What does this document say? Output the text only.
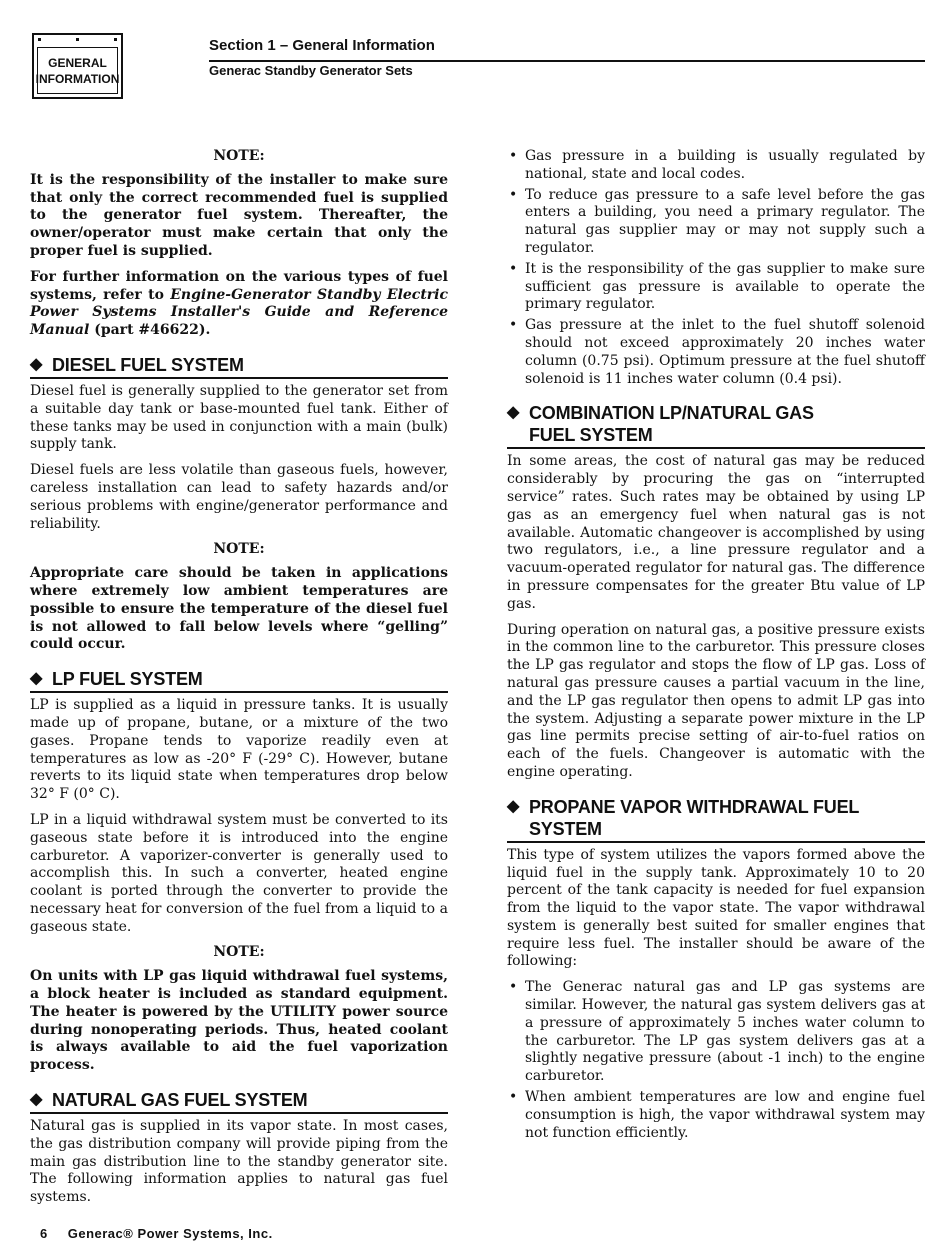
GENERAL
INFORMATION
Section 1 – General Information
Generac Standby Generator Sets
NOTE:

It is the responsibility of the installer to make sure that only the correct recommended fuel is supplied to the generator fuel system. Thereafter, the owner/operator must make certain that only the proper fuel is supplied.

For further information on the various types of fuel systems, refer to Engine-Generator Standby Electric Power Systems Installer's Guide and Reference Manual (part #46622).

◆ DIESEL FUEL SYSTEM

Diesel fuel is generally supplied to the generator set from a suitable day tank or base-mounted fuel tank. Either of these tanks may be used in conjunction with a main (bulk) supply tank.

Diesel fuels are less volatile than gaseous fuels, however, careless installation can lead to safety hazards and/or serious problems with engine/generator performance and reliability.

NOTE:

Appropriate care should be taken in applications where extremely low ambient temperatures are possible to ensure the temperature of the diesel fuel is not allowed to fall below levels where “gelling” could occur.

◆ LP FUEL SYSTEM

LP is supplied as a liquid in pressure tanks. It is usually made up of propane, butane, or a mixture of the two gases. Propane tends to vaporize readily even at temperatures as low as -20° F (-29° C). However, butane reverts to its liquid state when temperatures drop below 32° F (0° C).

LP in a liquid withdrawal system must be converted to its gaseous state before it is introduced into the engine carburetor. A vaporizer-converter is generally used to accomplish this. In such a converter, heated engine coolant is ported through the converter to provide the necessary heat for conversion of the fuel from a liquid to a gaseous state.

NOTE:

On units with LP gas liquid withdrawal fuel systems, a block heater is included as standard equipment. The heater is powered by the UTILITY power source during nonoperating periods. Thus, heated coolant is always available to aid the fuel vaporization process.

◆ NATURAL GAS FUEL SYSTEM

Natural gas is supplied in its vapor state. In most cases, the gas distribution company will provide piping from the main gas distribution line to the standby generator site. The following information applies to natural gas fuel systems.

• Gas pressure in a building is usually regulated by national, state and local codes.
• To reduce gas pressure to a safe level before the gas enters a building, you need a primary regulator. The natural gas supplier may or may not supply such a regulator.
• It is the responsibility of the gas supplier to make sure sufficient gas pressure is available to operate the primary regulator.
• Gas pressure at the inlet to the fuel shutoff solenoid should not exceed approximately 20 inches water column (0.75 psi). Optimum pressure at the fuel shutoff solenoid is 11 inches water column (0.4 psi).
◆ COMBINATION LP/NATURAL GAS
FUEL SYSTEM

In some areas, the cost of natural gas may be reduced considerably by procuring the gas on “interrupted service” rates. Such rates may be obtained by using LP gas as an emergency fuel when natural gas is not available. Automatic changeover is accomplished by using two regulators, i.e., a line pressure regulator and a vacuum-operated regulator for natural gas. The difference in pressure compensates for the greater Btu value of LP gas.

During operation on natural gas, a positive pressure exists in the common line to the carburetor. This pressure closes the LP gas regulator and stops the flow of LP gas. Loss of natural gas pressure causes a partial vacuum in the line, and the LP gas regulator then opens to admit LP gas into the system. Adjusting a separate power mixture in the LP gas line permits precise setting of air-to-fuel ratios on each of the fuels. Changeover is automatic with the engine operating.

◆ PROPANE VAPOR WITHDRAWAL FUEL SYSTEM

This type of system utilizes the vapors formed above the liquid fuel in the supply tank. Approximately 10 to 20 percent of the tank capacity is needed for fuel expansion from the liquid to the vapor state. The vapor withdrawal system is generally best suited for smaller engines that require less fuel. The installer should be aware of the following:

• The Generac natural gas and LP gas systems are similar. However, the natural gas system delivers gas at a pressure of approximately 5 inches water column to the carburetor. The LP gas system delivers gas at a slightly negative pressure (about -1 inch) to the engine carburetor.
• When ambient temperatures are low and engine fuel consumption is high, the vapor withdrawal system may not function efficiently.
6 Generac® Power Systems, Inc.
